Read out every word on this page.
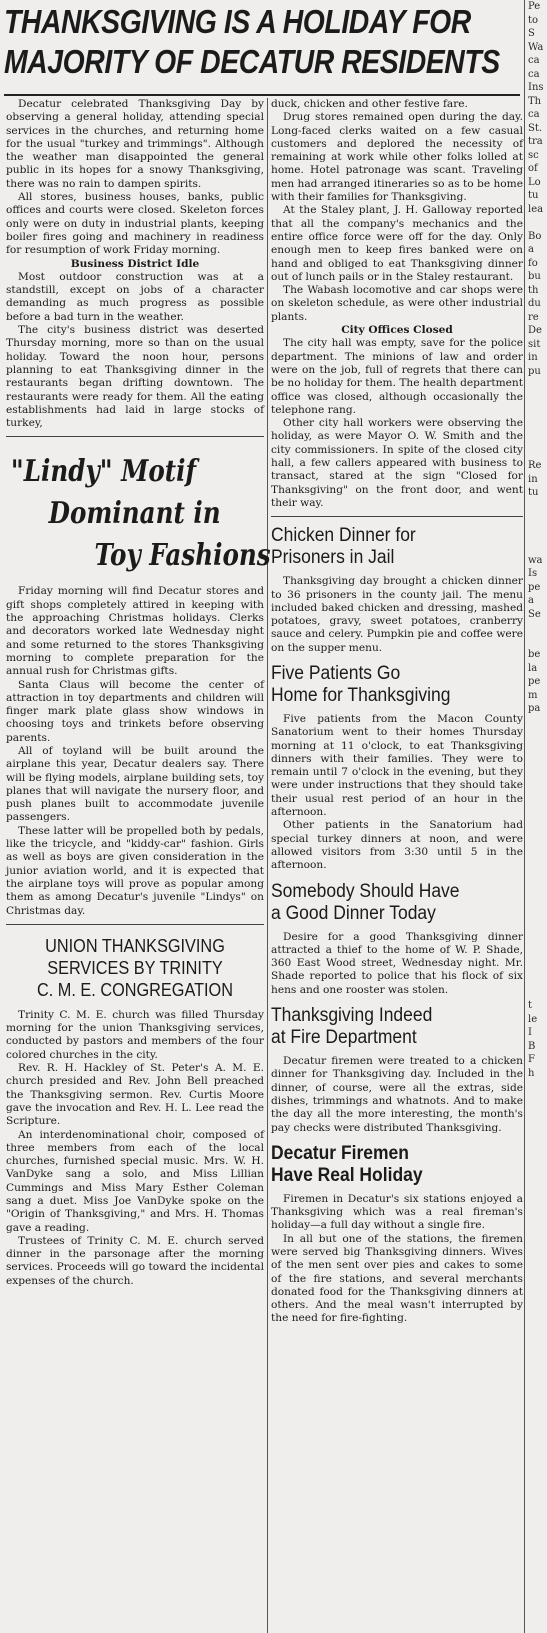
THANKSGIVING IS A HOLIDAY FOR
MAJORITY OF DECATUR RESIDENTS

Decatur celebrated Thanksgiving Day by observing a general holiday, attending special services in the churches, and returning home for the usual "turkey and trimmings". Although the weather man disappointed the general public in its hopes for a snowy Thanksgiving, there was no rain to dampen spirits.

All stores, business houses, banks, public offices and courts were closed. Skeleton forces only were on duty in industrial plants, keeping boiler fires going and machinery in readiness for resumption of work Friday morning.

Business District Idle

Most outdoor construction was at a standstill, except on jobs of a character demanding as much progress as possible before a bad turn in the weather.

The city's business district was deserted Thursday morning, more so than on the usual holiday. Toward the noon hour, persons planning to eat Thanksgiving dinner in the restaurants began drifting downtown. The restaurants were ready for them. All the eating establishments had laid in large stocks of turkey,

"Lindy" Motif
Dominant in
Toy Fashions

Friday morning will find Decatur stores and gift shops completely attired in keeping with the approaching Christmas holidays. Clerks and decorators worked late Wednesday night and some returned to the stores Thanksgiving morning to complete preparation for the annual rush for Christmas gifts.

Santa Claus will become the center of attraction in toy departments and children will finger mark plate glass show windows in choosing toys and trinkets before observing parents.

All of toyland will be built around the airplane this year, Decatur dealers say. There will be flying models, airplane building sets, toy planes that will navigate the nursery floor, and push planes built to accommodate juvenile passengers.

These latter will be propelled both by pedals, like the tricycle, and "kiddy-car" fashion. Girls as well as boys are given consideration in the junior aviation world, and it is expected that the airplane toys will prove as popular among them as among Decatur's juvenile "Lindys" on Christmas day.

UNION THANKSGIVING
SERVICES BY TRINITY
C. M. E. CONGREGATION

Trinity C. M. E. church was filled Thursday morning for the union Thanksgiving services, conducted by pastors and members of the four colored churches in the city.

Rev. R. H. Hackley of St. Peter's A. M. E. church presided and Rev. John Bell preached the Thanksgiving sermon. Rev. Curtis Moore gave the invocation and Rev. H. L. Lee read the Scripture.

An interdenominational choir, composed of three members from each of the local churches, furnished special music. Mrs. W. H. VanDyke sang a solo, and Miss Lillian Cummings and Miss Mary Esther Coleman sang a duet. Miss Joe VanDyke spoke on the "Origin of Thanksgiving," and Mrs. H. Thomas gave a reading.

Trustees of Trinity C. M. E. church served dinner in the parsonage after the morning services. Proceeds will go toward the incidental expenses of the church.

duck, chicken and other festive fare.

Drug stores remained open during the day. Long-faced clerks waited on a few casual customers and deplored the necessity of remaining at work while other folks lolled at home. Hotel patronage was scant. Traveling men had arranged itineraries so as to be home with their families for Thanksgiving.

At the Staley plant, J. H. Galloway reported that all the company's mechanics and the entire office force were off for the day. Only enough men to keep fires banked were on hand and obliged to eat Thanksgiving dinner out of lunch pails or in the Staley restaurant.

The Wabash locomotive and car shops were on skeleton schedule, as were other industrial plants.

City Offices Closed

The city hall was empty, save for the police department. The minions of law and order were on the job, full of regrets that there can be no holiday for them. The health department office was closed, although occasionally the telephone rang.

Other city hall workers were observing the holiday, as were Mayor O. W. Smith and the city commissioners. In spite of the closed city hall, a few callers appeared with business to transact, stared at the sign "Closed for Thanksgiving" on the front door, and went their way.

Chicken Dinner for
Prisoners in Jail

Thanksgiving day brought a chicken dinner to 36 prisoners in the county jail. The menu included baked chicken and dressing, mashed potatoes, gravy, sweet potatoes, cranberry sauce and celery. Pumpkin pie and coffee were on the supper menu.

Five Patients Go
Home for Thanksgiving

Five patients from the Macon County Sanatorium went to their homes Thursday morning at 11 o'clock, to eat Thanksgiving dinners with their families. They were to remain until 7 o'clock in the evening, but they were under instructions that they should take their usual rest period of an hour in the afternoon.

Other patients in the Sanatorium had special turkey dinners at noon, and were allowed visitors from 3:30 until 5 in the afternoon.

Somebody Should Have
a Good Dinner Today

Desire for a good Thanksgiving dinner attracted a thief to the home of W. P. Shade, 360 East Wood street, Wednesday night. Mr. Shade reported to police that his flock of six hens and one rooster was stolen.

Thanksgiving Indeed
at Fire Department

Decatur firemen were treated to a chicken dinner for Thanksgiving day. Included in the dinner, of course, were all the extras, side dishes, trimmings and whatnots. And to make the day all the more interesting, the month's pay checks were distributed Thanksgiving.

Decatur Firemen
Have Real Holiday

Firemen in Decatur's six stations enjoyed a Thanksgiving which was a real fireman's holiday—a full day without a single fire.

In all but one of the stations, the firemen were served big Thanksgiving dinners. Wives of the men sent over pies and cakes to some of the fire stations, and several merchants donated food for the Thanksgiving dinners at others. And the meal wasn't interrupted by the need for fire-fighting.

Pe
to
S
Wa
ca
ca
Ins
Th
ca
St.
tra
sc
of
Lo
tu
lea

Bo
a
fo
bu
th
du
re
De
sit
in
pu

Re
in
tu

wa
Is
pe
a
Se

be
la
pe
m
pa

t
le
I
B
F
h
